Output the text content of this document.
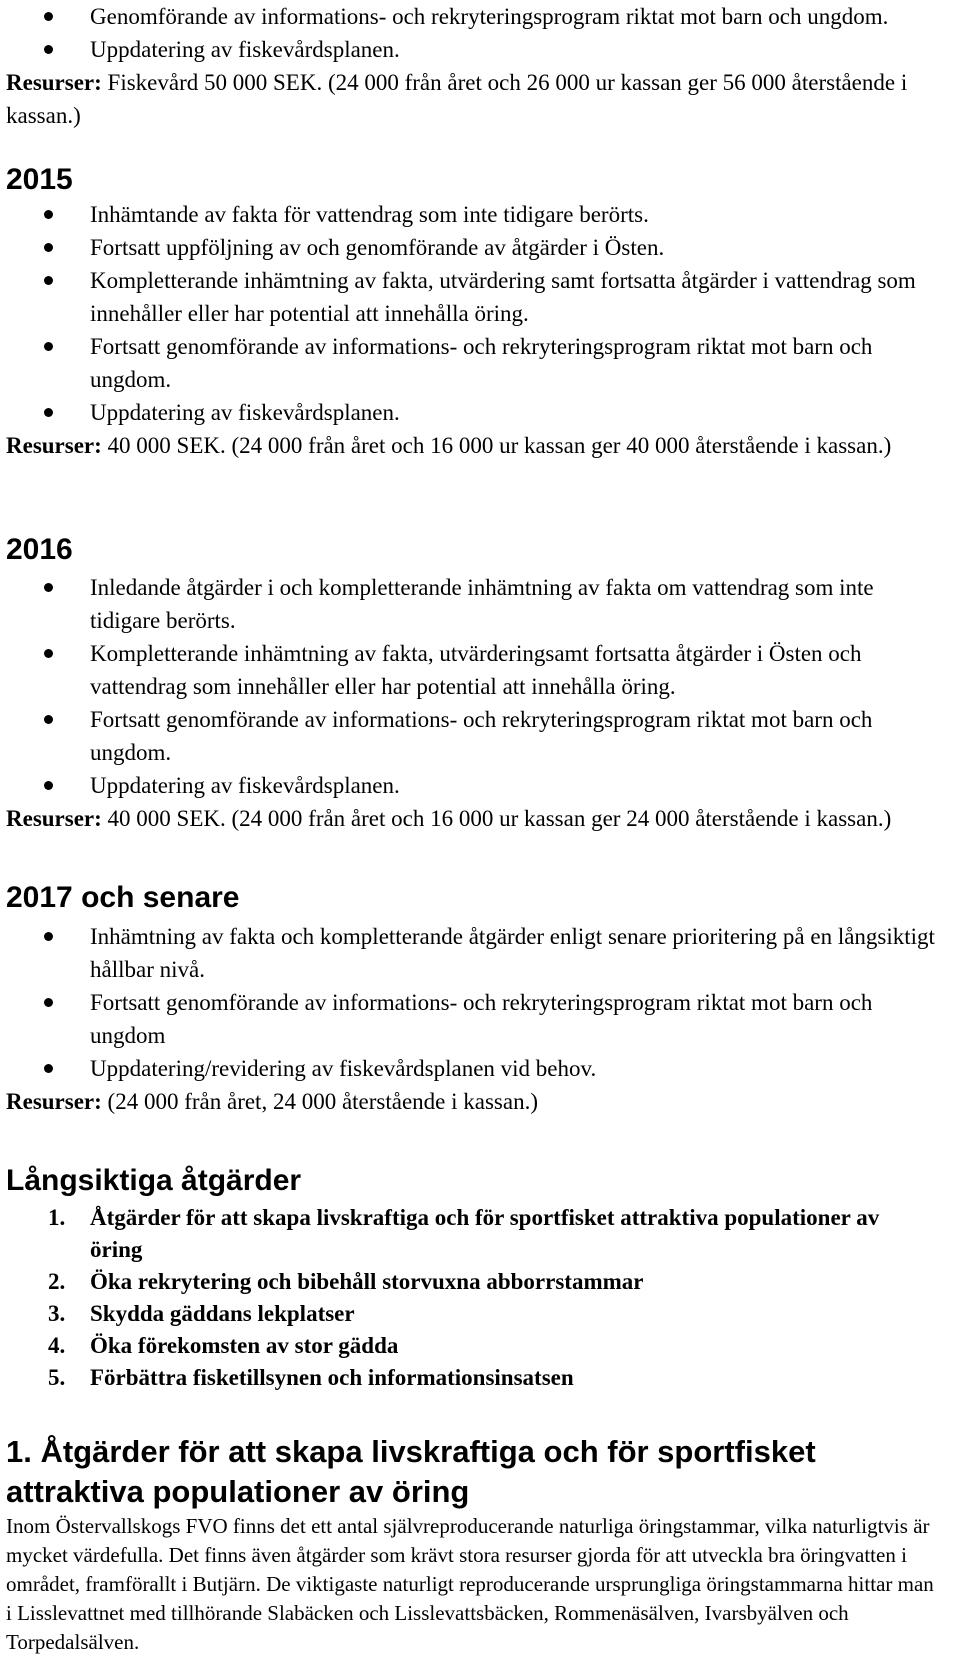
Genomförande av informations- och rekryteringsprogram riktat mot barn och ungdom.
Uppdatering av fiskevårdsplanen.
Resurser: Fiskevård 50 000 SEK. (24 000 från året och 26 000 ur kassan ger 56 000 återstående i kassan.)
2015
Inhämtande av fakta för vattendrag som inte tidigare berörts.
Fortsatt uppföljning av och genomförande av åtgärder i Östen.
Kompletterande inhämtning av fakta, utvärdering samt fortsatta åtgärder i vattendrag som innehåller eller har potential att innehålla öring.
Fortsatt genomförande av informations- och rekryteringsprogram riktat mot barn och ungdom.
Uppdatering av fiskevårdsplanen.
Resurser: 40 000 SEK. (24 000 från året och 16 000 ur kassan ger 40 000 återstående i kassan.)
2016
Inledande åtgärder i och kompletterande inhämtning av fakta om vattendrag som inte tidigare berörts.
Kompletterande inhämtning av fakta, utvärderingsamt fortsatta åtgärder i Östen och vattendrag som innehåller eller har potential att innehålla öring.
Fortsatt genomförande av informations- och rekryteringsprogram riktat mot barn och ungdom.
Uppdatering av fiskevårdsplanen.
Resurser: 40 000 SEK. (24 000 från året och 16 000 ur kassan ger 24 000 återstående i kassan.)
2017 och senare
Inhämtning av fakta och kompletterande åtgärder enligt senare prioritering på en långsiktigt hållbar nivå.
Fortsatt genomförande av informations- och rekryteringsprogram riktat mot barn och ungdom
Uppdatering/revidering av fiskevårdsplanen vid behov.
Resurser: (24 000 från året, 24 000 återstående i kassan.)
Långsiktiga åtgärder
1. Åtgärder för att skapa livskraftiga och för sportfisket attraktiva populationer av öring
2. Öka rekrytering och bibehåll storvuxna abborrstammar
3. Skydda gäddans lekplatser
4. Öka förekomsten av stor gädda
5. Förbättra fisketillsynen och informationsinsatsen
1. Åtgärder för att skapa livskraftiga och för sportfisket attraktiva populationer av öring
Inom Östervallskogs FVO finns det ett antal självreproducerande naturliga öringstammar, vilka naturligtvis är mycket värdefulla. Det finns även åtgärder som krävt stora resurser gjorda för att utveckla bra öringvatten i området, framförallt i Butjärn. De viktigaste naturligt reproducerande ursprungliga öringstammarna hittar man i Lisslevattnet med tillhörande Slabäcken och Lisslevattsbäcken, Rommenäsälven, Ivarsbyälven och Torpedalsälven.
